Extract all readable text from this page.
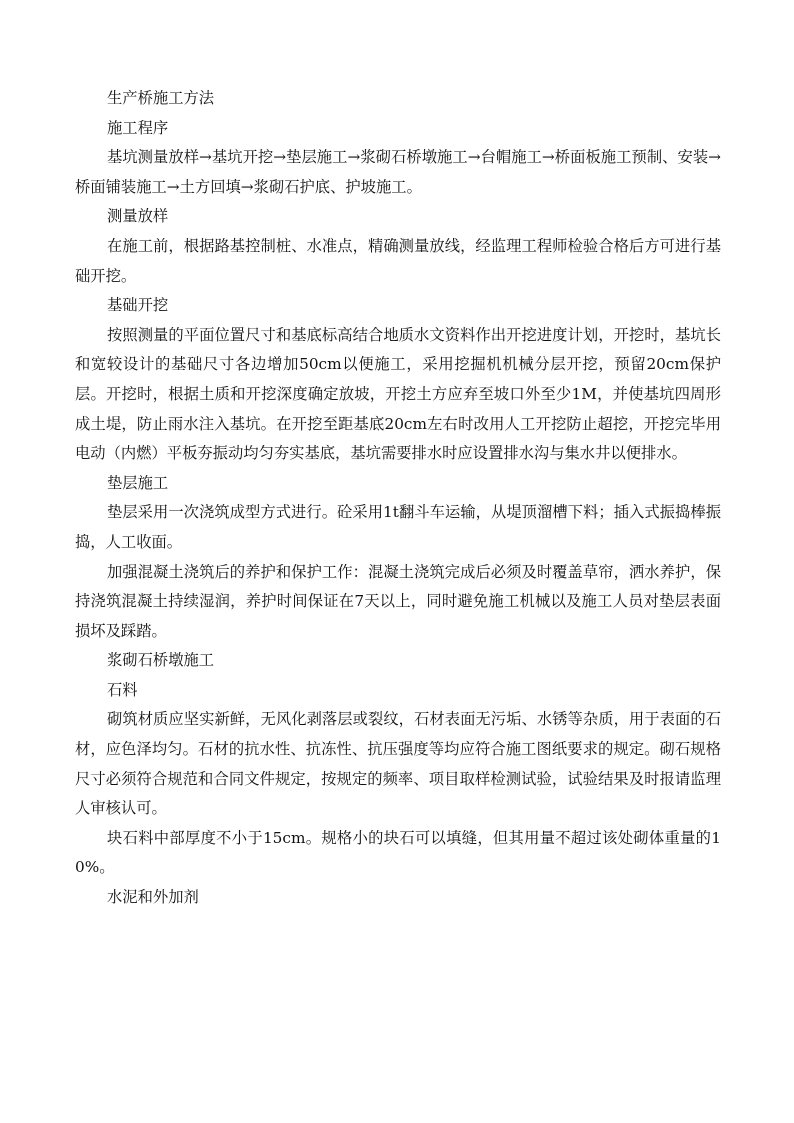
生产桥施工方法

施工程序

基坑测量放样→基坑开挖→垫层施工→浆砌石桥墩施工→台帽施工→桥面板施工预制、安装→桥面铺装施工→土方回填→浆砌石护底、护坡施工。

测量放样

在施工前，根据路基控制桩、水准点，精确测量放线，经监理工程师检验合格后方可进行基础开挖。

基础开挖

按照测量的平面位置尺寸和基底标高结合地质水文资料作出开挖进度计划，开挖时，基坑长和宽较设计的基础尺寸各边增加50cm以便施工，采用挖掘机机械分层开挖，预留20cm保护层。开挖时，根据土质和开挖深度确定放坡，开挖土方应弃至坡口外至少1M，并使基坑四周形成土堤，防止雨水注入基坑。在开挖至距基底20cm左右时改用人工开挖防止超挖，开挖完毕用电动（内燃）平板夯振动均匀夯实基底，基坑需要排水时应设置排水沟与集水井以便排水。

垫层施工

垫层采用一次浇筑成型方式进行。砼采用1t翻斗车运输，从堤顶溜槽下料；插入式振捣棒振捣，人工收面。

加强混凝土浇筑后的养护和保护工作：混凝土浇筑完成后必须及时覆盖草帘，洒水养护，保持浇筑混凝土持续湿润，养护时间保证在7天以上，同时避免施工机械以及施工人员对垫层表面损坏及踩踏。

浆砌石桥墩施工

石料

砌筑材质应坚实新鲜，无风化剥落层或裂纹，石材表面无污垢、水锈等杂质，用于表面的石材，应色泽均匀。石材的抗水性、抗冻性、抗压强度等均应符合施工图纸要求的规定。砌石规格尺寸必须符合规范和合同文件规定，按规定的频率、项目取样检测试验，试验结果及时报请监理人审核认可。

块石料中部厚度不小于15cm。规格小的块石可以填缝，但其用量不超过该处砌体重量的10%。

水泥和外加剂
